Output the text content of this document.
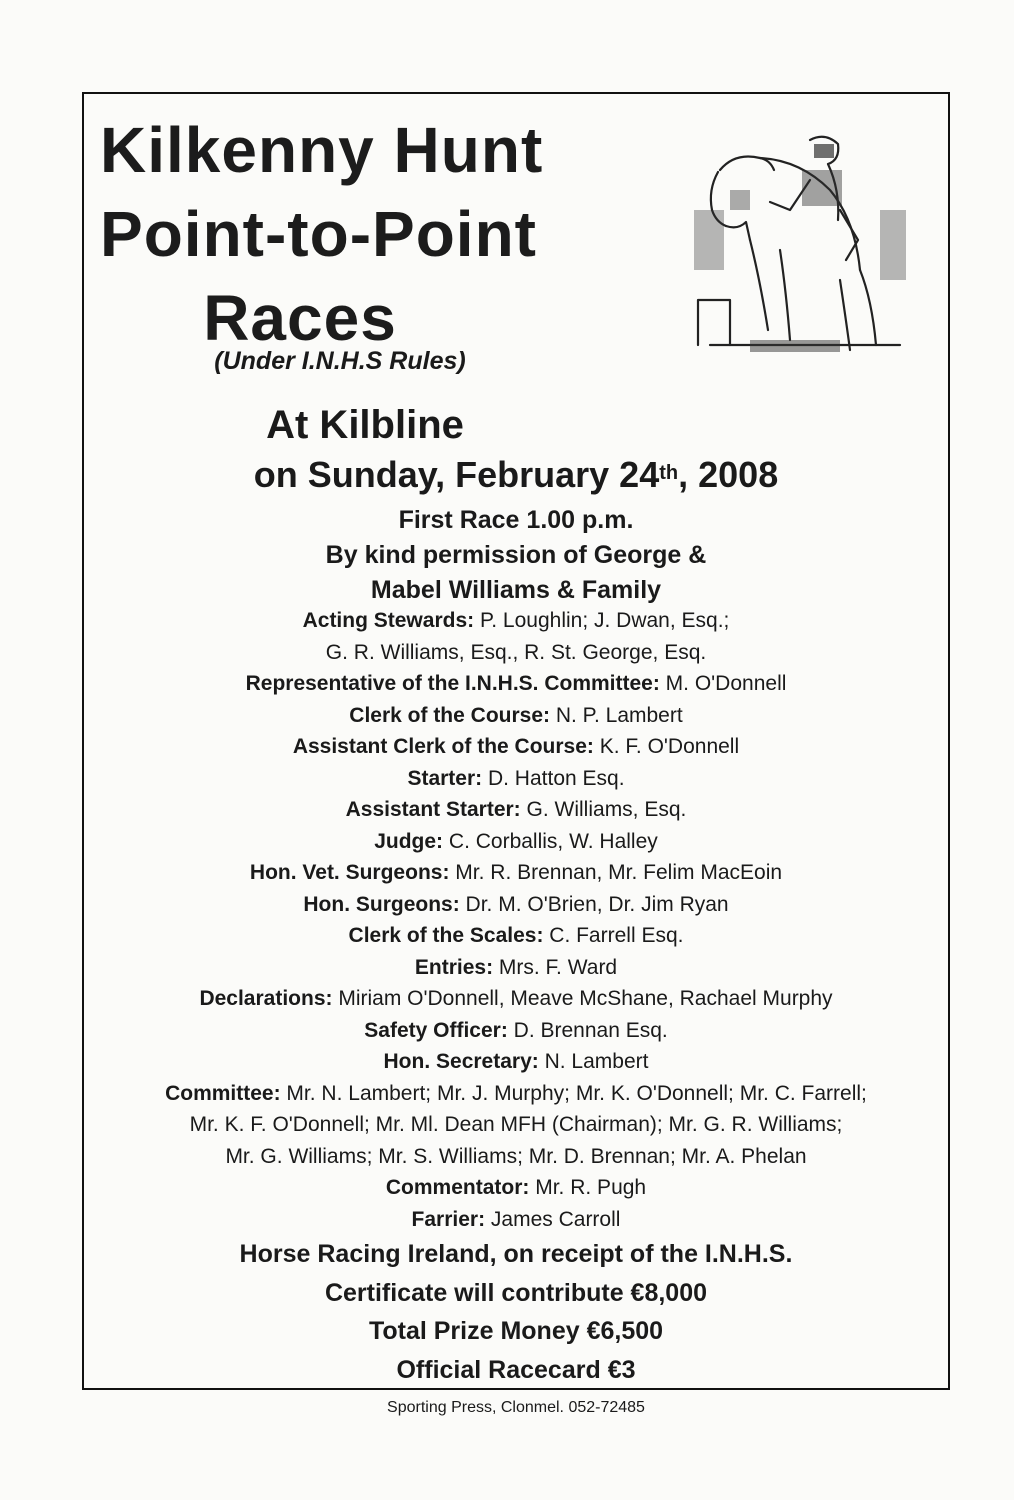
Kilkenny Hunt
Point-to-Point
Races
(Under I.N.H.S Rules)
At Kilbline
on Sunday, February 24th, 2008
First Race 1.00 p.m.
By kind permission of George &
Mabel Williams & Family
Acting Stewards: P. Loughlin; J. Dwan, Esq.;
G. R. Williams, Esq., R. St. George, Esq.
Representative of the I.N.H.S. Committee: M. O'Donnell
Clerk of the Course: N. P. Lambert
Assistant Clerk of the Course: K. F. O'Donnell
Starter: D. Hatton Esq.
Assistant Starter: G. Williams, Esq.
Judge: C. Corballis, W. Halley
Hon. Vet. Surgeons: Mr. R. Brennan, Mr. Felim MacEoin
Hon. Surgeons: Dr. M. O'Brien, Dr. Jim Ryan
Clerk of the Scales: C. Farrell Esq.
Entries: Mrs. F. Ward
Declarations: Miriam O'Donnell, Meave McShane, Rachael Murphy
Safety Officer: D. Brennan Esq.
Hon. Secretary: N. Lambert
Committee: Mr. N. Lambert; Mr. J. Murphy; Mr. K. O'Donnell; Mr. C. Farrell;
Mr. K. F. O'Donnell; Mr. Ml. Dean MFH (Chairman); Mr. G. R. Williams;
Mr. G. Williams; Mr. S. Williams; Mr. D. Brennan; Mr. A. Phelan
Commentator: Mr. R. Pugh
Farrier: James Carroll
Horse Racing Ireland, on receipt of the I.N.H.S.
Certificate will contribute €8,000
Total Prize Money €6,500
Official Racecard €3
Sporting Press, Clonmel. 052-72485
